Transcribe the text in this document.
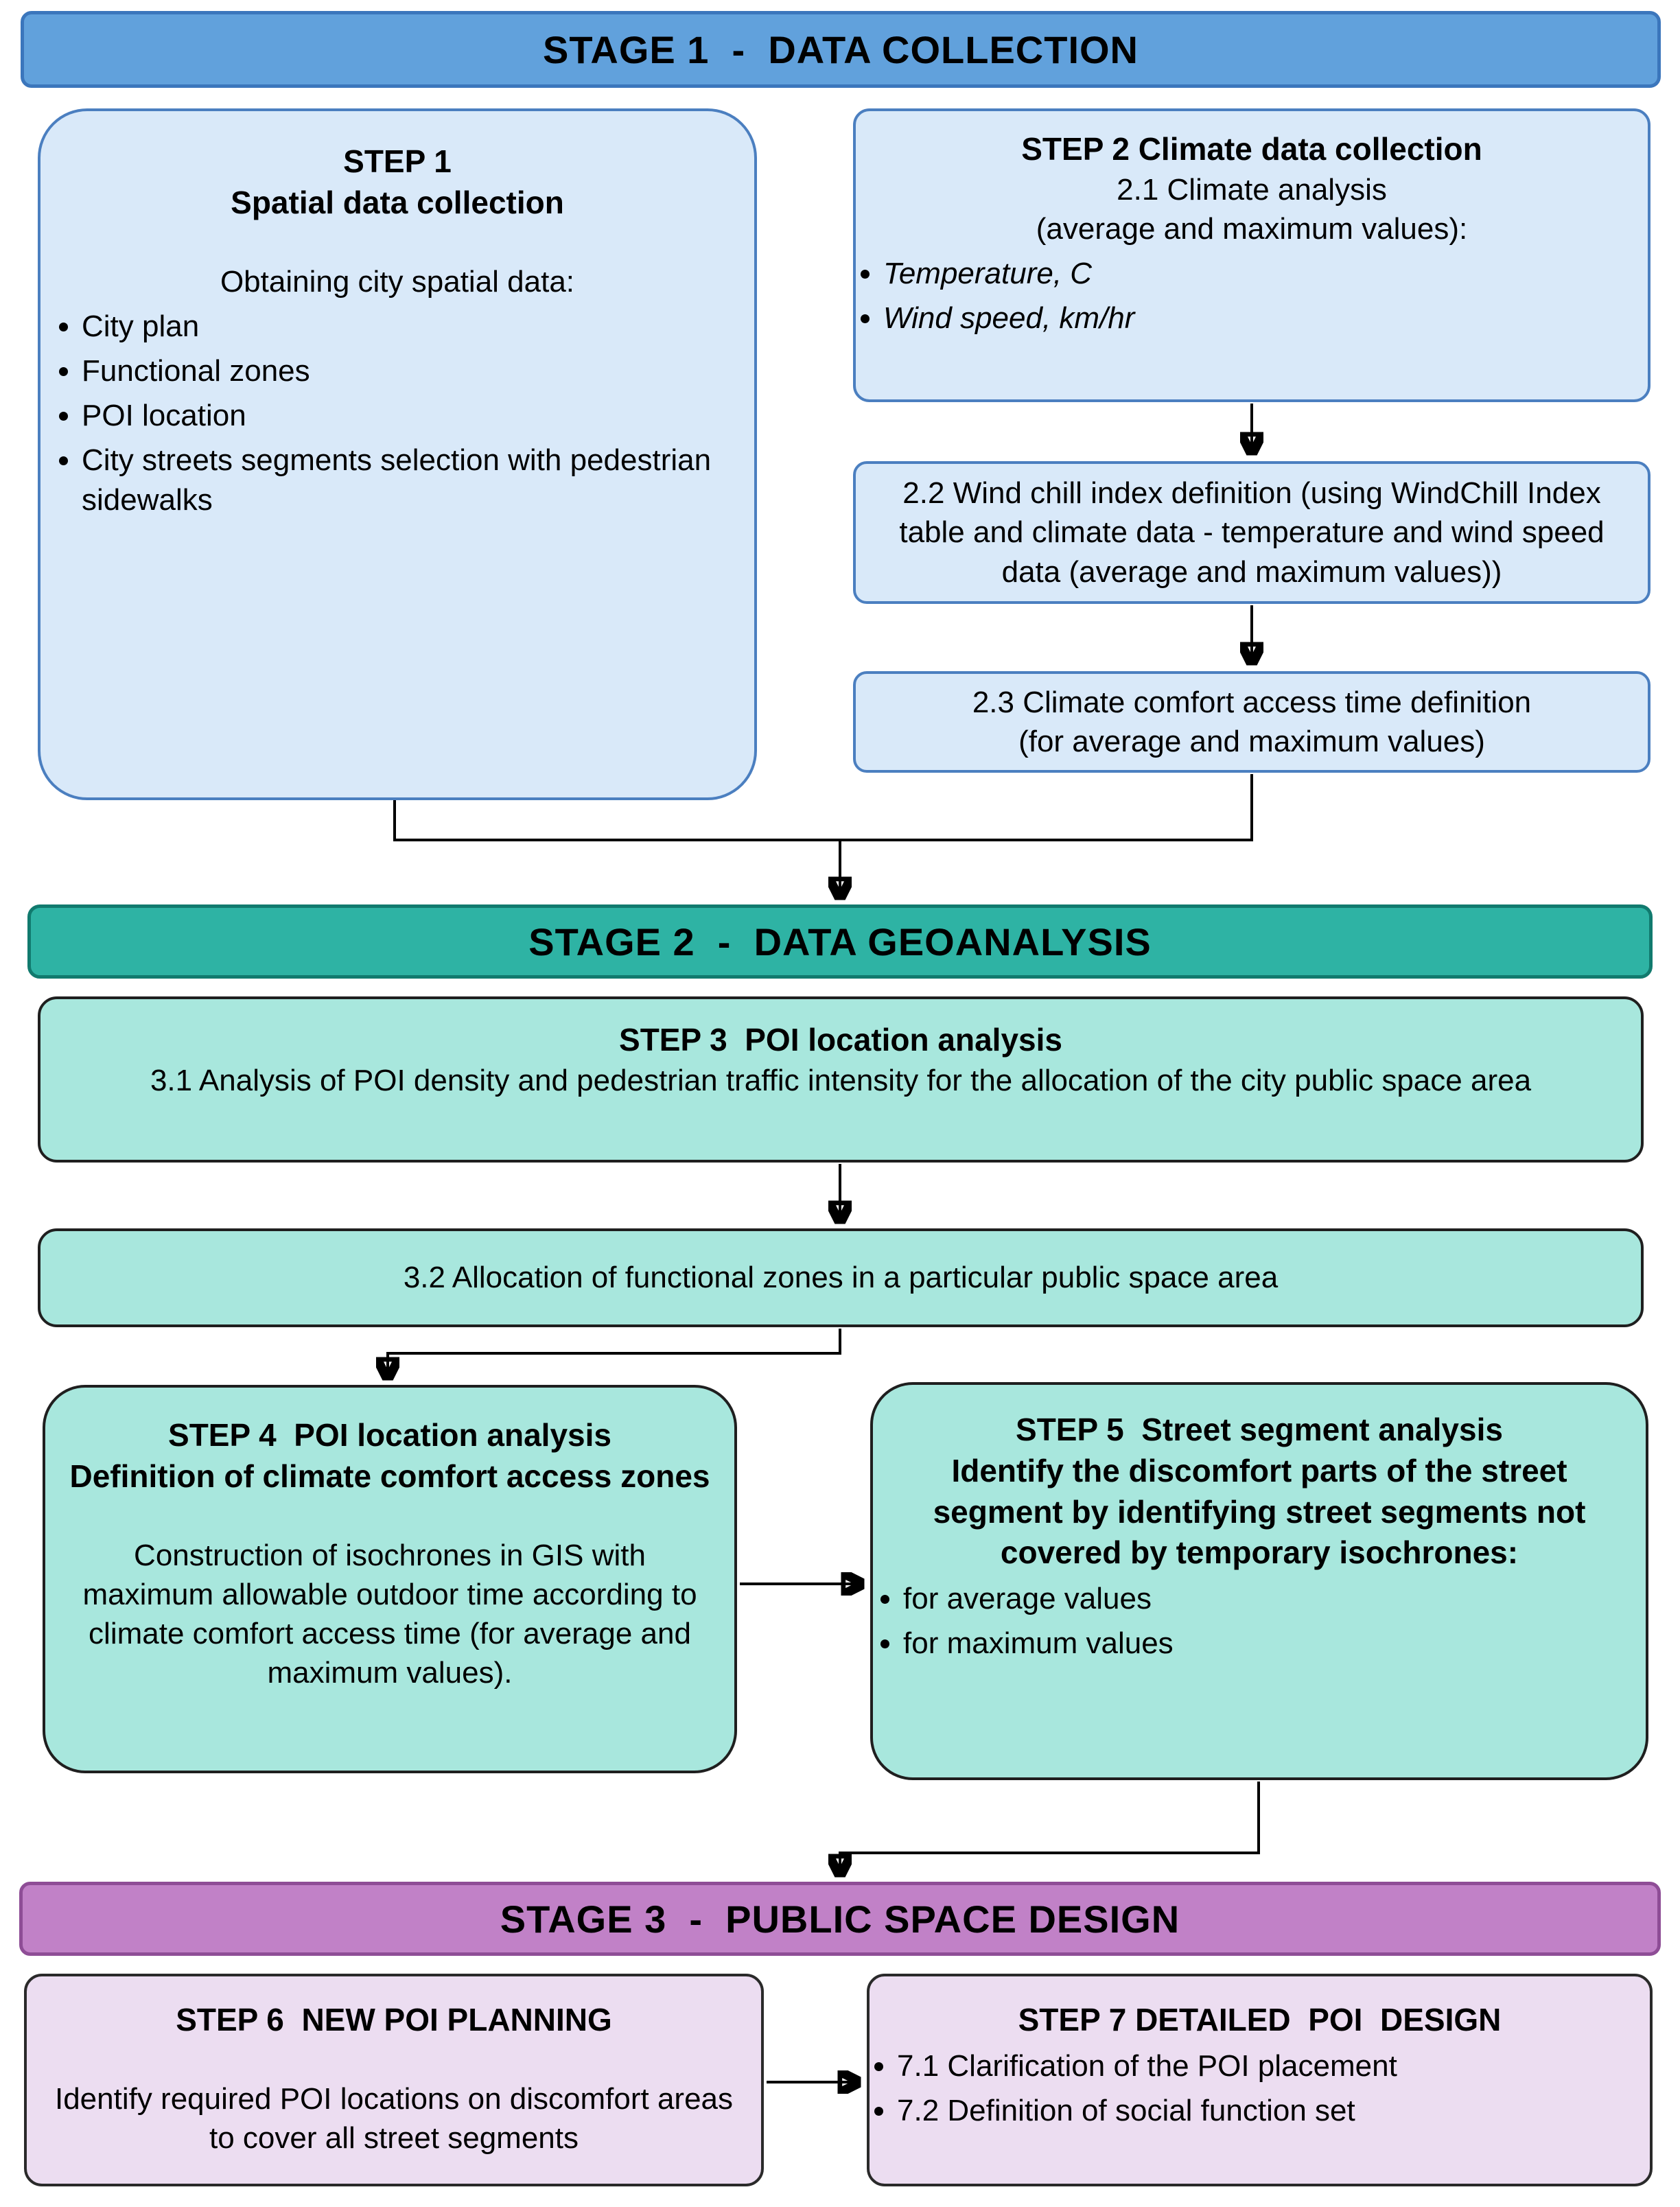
STAGE 1  -  DATA COLLECTION
STEP 1
Spatial data collection
Obtaining city spatial data:
• City plan
• Functional zones
• POI location
• City streets segments selection with pedestrian sidewalks
STEP 2 Climate data collection
2.1 Climate analysis
(average and maximum values):
• Temperature, C
• Wind speed, km/hr
2.2 Wind chill index definition (using WindChill Index table and climate data - temperature and wind speed data (average and maximum values))
2.3 Climate comfort access time definition
(for average and maximum values)
STAGE 2  -  DATA GEOANALYSIS
STEP 3  POI location analysis
3.1 Analysis of POI density and pedestrian traffic intensity for the allocation of the city public space area
3.2 Allocation of functional zones in a particular public space area
STEP 4  POI location analysis
Definition of climate comfort access zones
Construction of isochrones in GIS with maximum allowable outdoor time according to climate comfort access time (for average and maximum values).
STEP 5  Street segment analysis
Identify the discomfort parts of the street segment by identifying street segments not covered by temporary isochrones:
• for average values
• for maximum values
STAGE 3  -  PUBLIC SPACE DESIGN
STEP 6  NEW POI PLANNING
Identify required POI locations on discomfort areas to cover all street segments
STEP 7 DETAILED  POI  DESIGN
• 7.1 Clarification of the POI placement
• 7.2 Definition of social function set
